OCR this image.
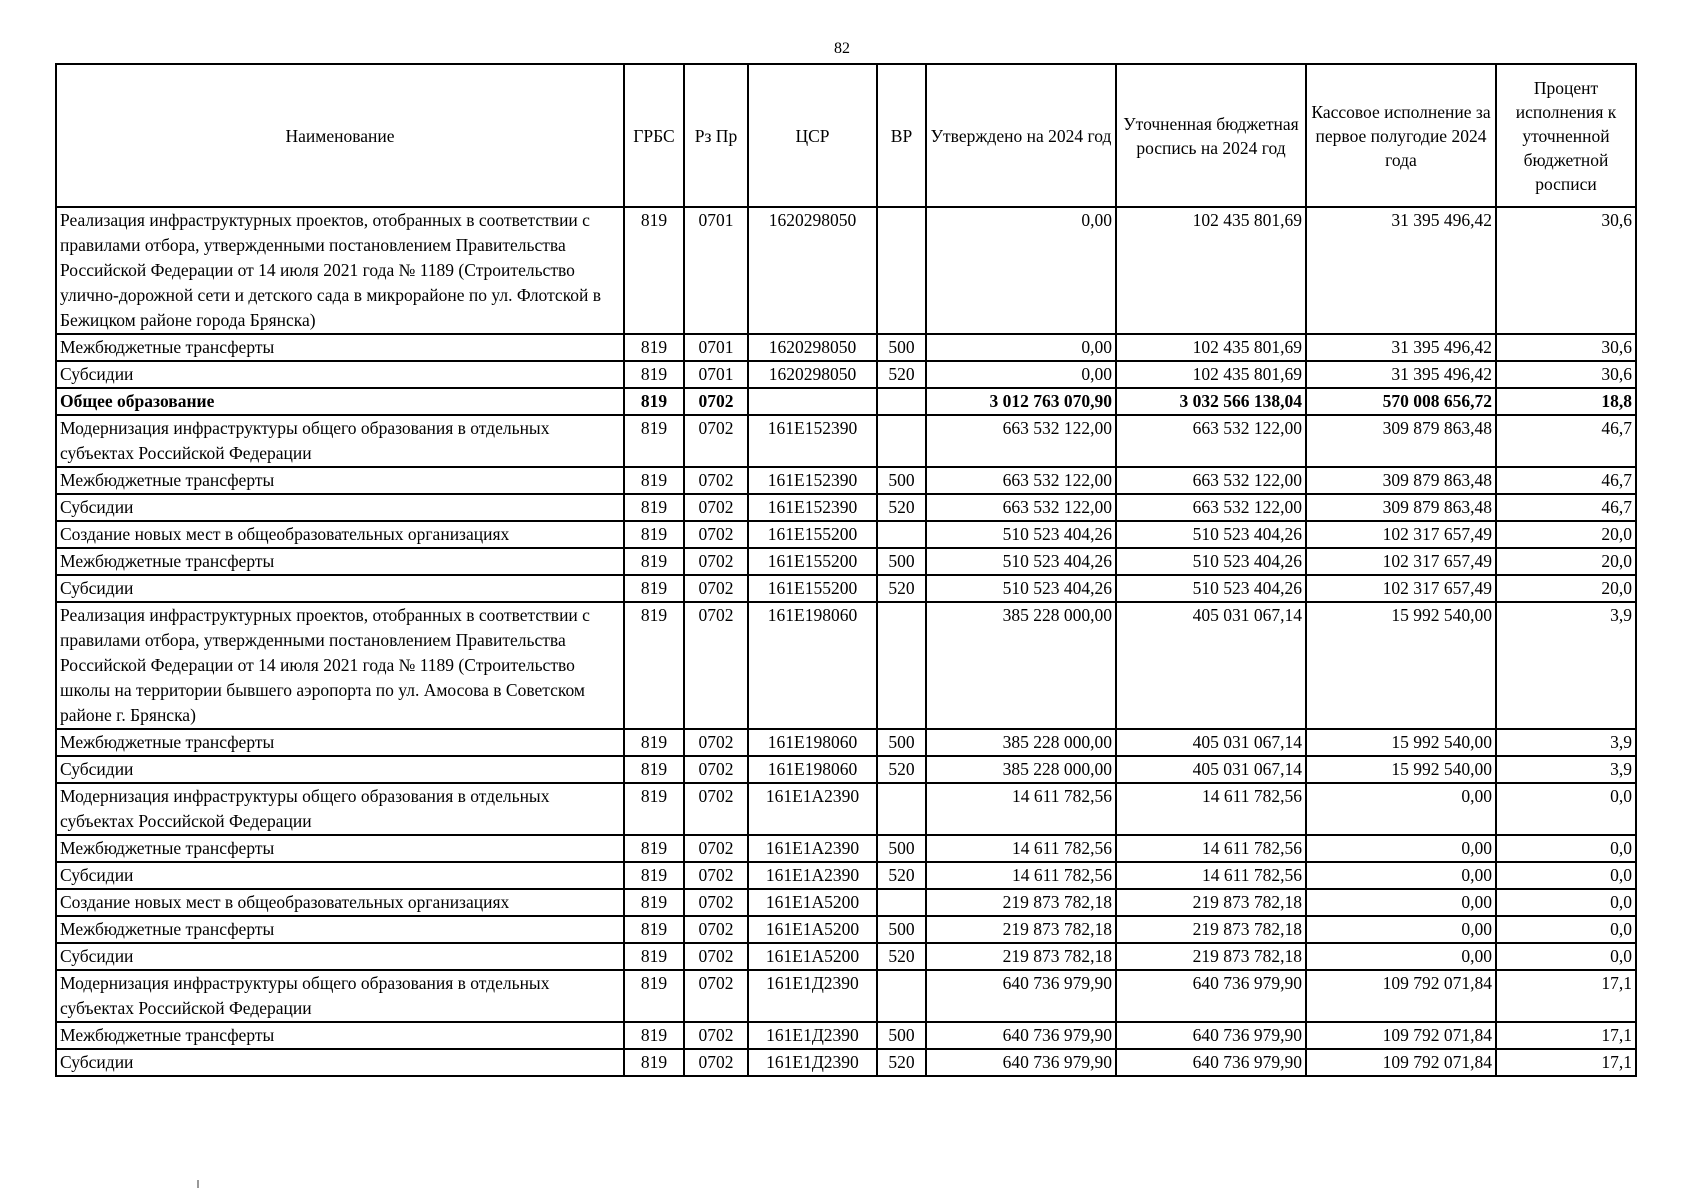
82
Наименование	ГРБС	Рз Пр	ЦСР	ВР	Утверждено на 2024 год	Уточненная бюджетная роспись на 2024 год	Кассовое исполнение за первое полугодие 2024 года	Процент исполнения к уточненной бюджетной росписи
Реализация инфраструктурных проектов, отобранных в соответствии с правилами отбора, утвержденными постановлением Правительства Российской Федерации от 14 июля 2021 года № 1189 (Строительство улично-дорожной сети и детского сада в микрорайоне по ул. Флотской в Бежицком районе города Брянска)	819	0701	1620298050		0,00	102 435 801,69	31 395 496,42	30,6
Межбюджетные трансферты	819	0701	1620298050	500	0,00	102 435 801,69	31 395 496,42	30,6
Субсидии	819	0701	1620298050	520	0,00	102 435 801,69	31 395 496,42	30,6
Общее образование	819	0702			3 012 763 070,90	3 032 566 138,04	570 008 656,72	18,8
Модернизация инфраструктуры общего образования в отдельных субъектах Российской Федерации	819	0702	161Е152390		663 532 122,00	663 532 122,00	309 879 863,48	46,7
Межбюджетные трансферты	819	0702	161Е152390	500	663 532 122,00	663 532 122,00	309 879 863,48	46,7
Субсидии	819	0702	161Е152390	520	663 532 122,00	663 532 122,00	309 879 863,48	46,7
Создание новых мест в общеобразовательных организациях	819	0702	161Е155200		510 523 404,26	510 523 404,26	102 317 657,49	20,0
Межбюджетные трансферты	819	0702	161Е155200	500	510 523 404,26	510 523 404,26	102 317 657,49	20,0
Субсидии	819	0702	161Е155200	520	510 523 404,26	510 523 404,26	102 317 657,49	20,0
Реализация инфраструктурных проектов, отобранных в соответствии с правилами отбора, утвержденными постановлением Правительства Российской Федерации от 14 июля 2021 года № 1189 (Строительство школы на территории бывшего аэропорта по ул. Амосова в Советском районе г. Брянска)	819	0702	161Е198060		385 228 000,00	405 031 067,14	15 992 540,00	3,9
Межбюджетные трансферты	819	0702	161Е198060	500	385 228 000,00	405 031 067,14	15 992 540,00	3,9
Субсидии	819	0702	161Е198060	520	385 228 000,00	405 031 067,14	15 992 540,00	3,9
Модернизация инфраструктуры общего образования в отдельных субъектах Российской Федерации	819	0702	161Е1А2390		14 611 782,56	14 611 782,56	0,00	0,0
Межбюджетные трансферты	819	0702	161Е1А2390	500	14 611 782,56	14 611 782,56	0,00	0,0
Субсидии	819	0702	161Е1А2390	520	14 611 782,56	14 611 782,56	0,00	0,0
Создание новых мест в общеобразовательных организациях	819	0702	161Е1А5200		219 873 782,18	219 873 782,18	0,00	0,0
Межбюджетные трансферты	819	0702	161Е1А5200	500	219 873 782,18	219 873 782,18	0,00	0,0
Субсидии	819	0702	161Е1А5200	520	219 873 782,18	219 873 782,18	0,00	0,0
Модернизация инфраструктуры общего образования в отдельных субъектах Российской Федерации	819	0702	161Е1Д2390		640 736 979,90	640 736 979,90	109 792 071,84	17,1
Межбюджетные трансферты	819	0702	161Е1Д2390	500	640 736 979,90	640 736 979,90	109 792 071,84	17,1
Субсидии	819	0702	161Е1Д2390	520	640 736 979,90	640 736 979,90	109 792 071,84	17,1
